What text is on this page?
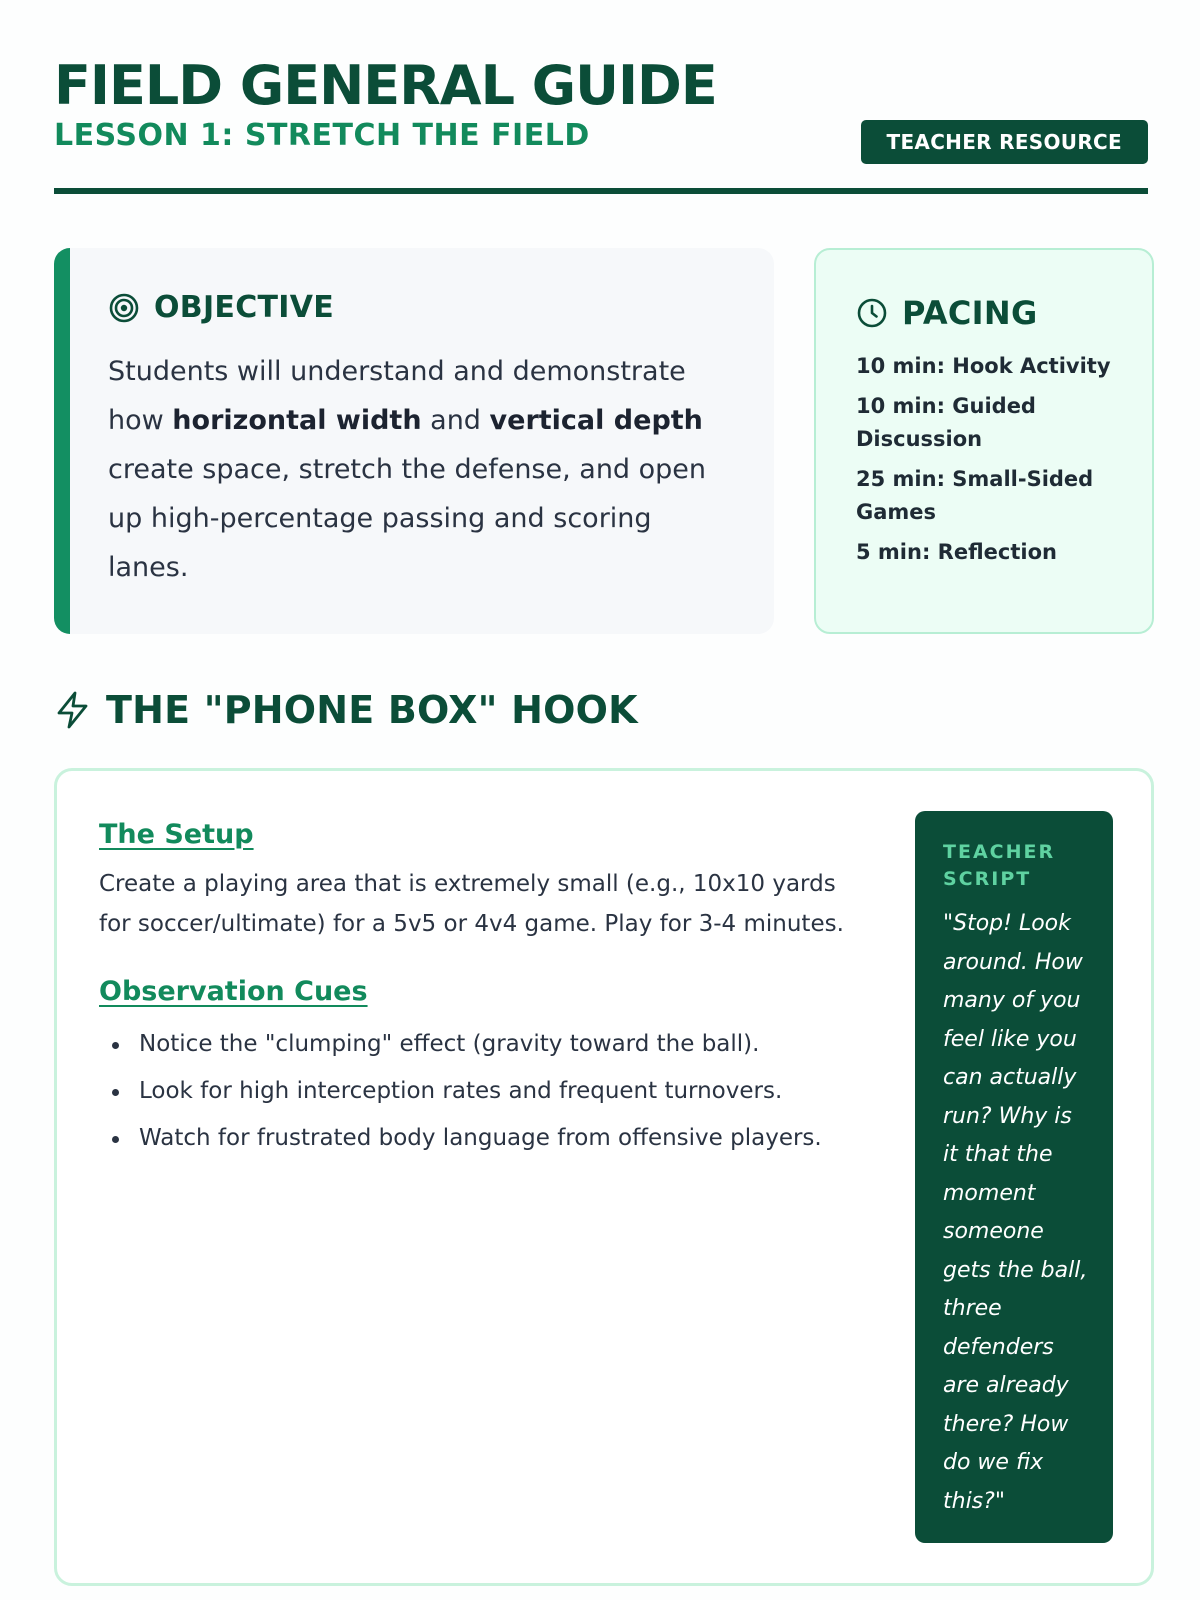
FIELD GENERAL GUIDE
LESSON 1: STRETCH THE FIELD	TEACHER RESOURCE
OBJECTIVE

Students will understand and demonstrate how horizontal width and vertical depth create space, stretch the defense, and open up high-percentage passing and scoring lanes.

PACING
10 min: Hook Activity
10 min: Guided Discussion
25 min: Small-Sided Games
5 min: Reflection
THE "PHONE BOX" HOOK
The Setup

Create a playing area that is extremely small (e.g., 10x10 yards for soccer/ultimate) for a 5v5 or 4v4 game. Play for 3-4 minutes.

Observation Cues
Notice the "clumping" effect (gravity toward the ball).
Look for high interception rates and frequent turnovers.
Watch for frustrated body language from offensive players.
TEACHER SCRIPT

"Stop! Look around. How many of you feel like you can actually run? Why is it that the moment someone gets the ball, three defenders are already there? How do we fix this?"
